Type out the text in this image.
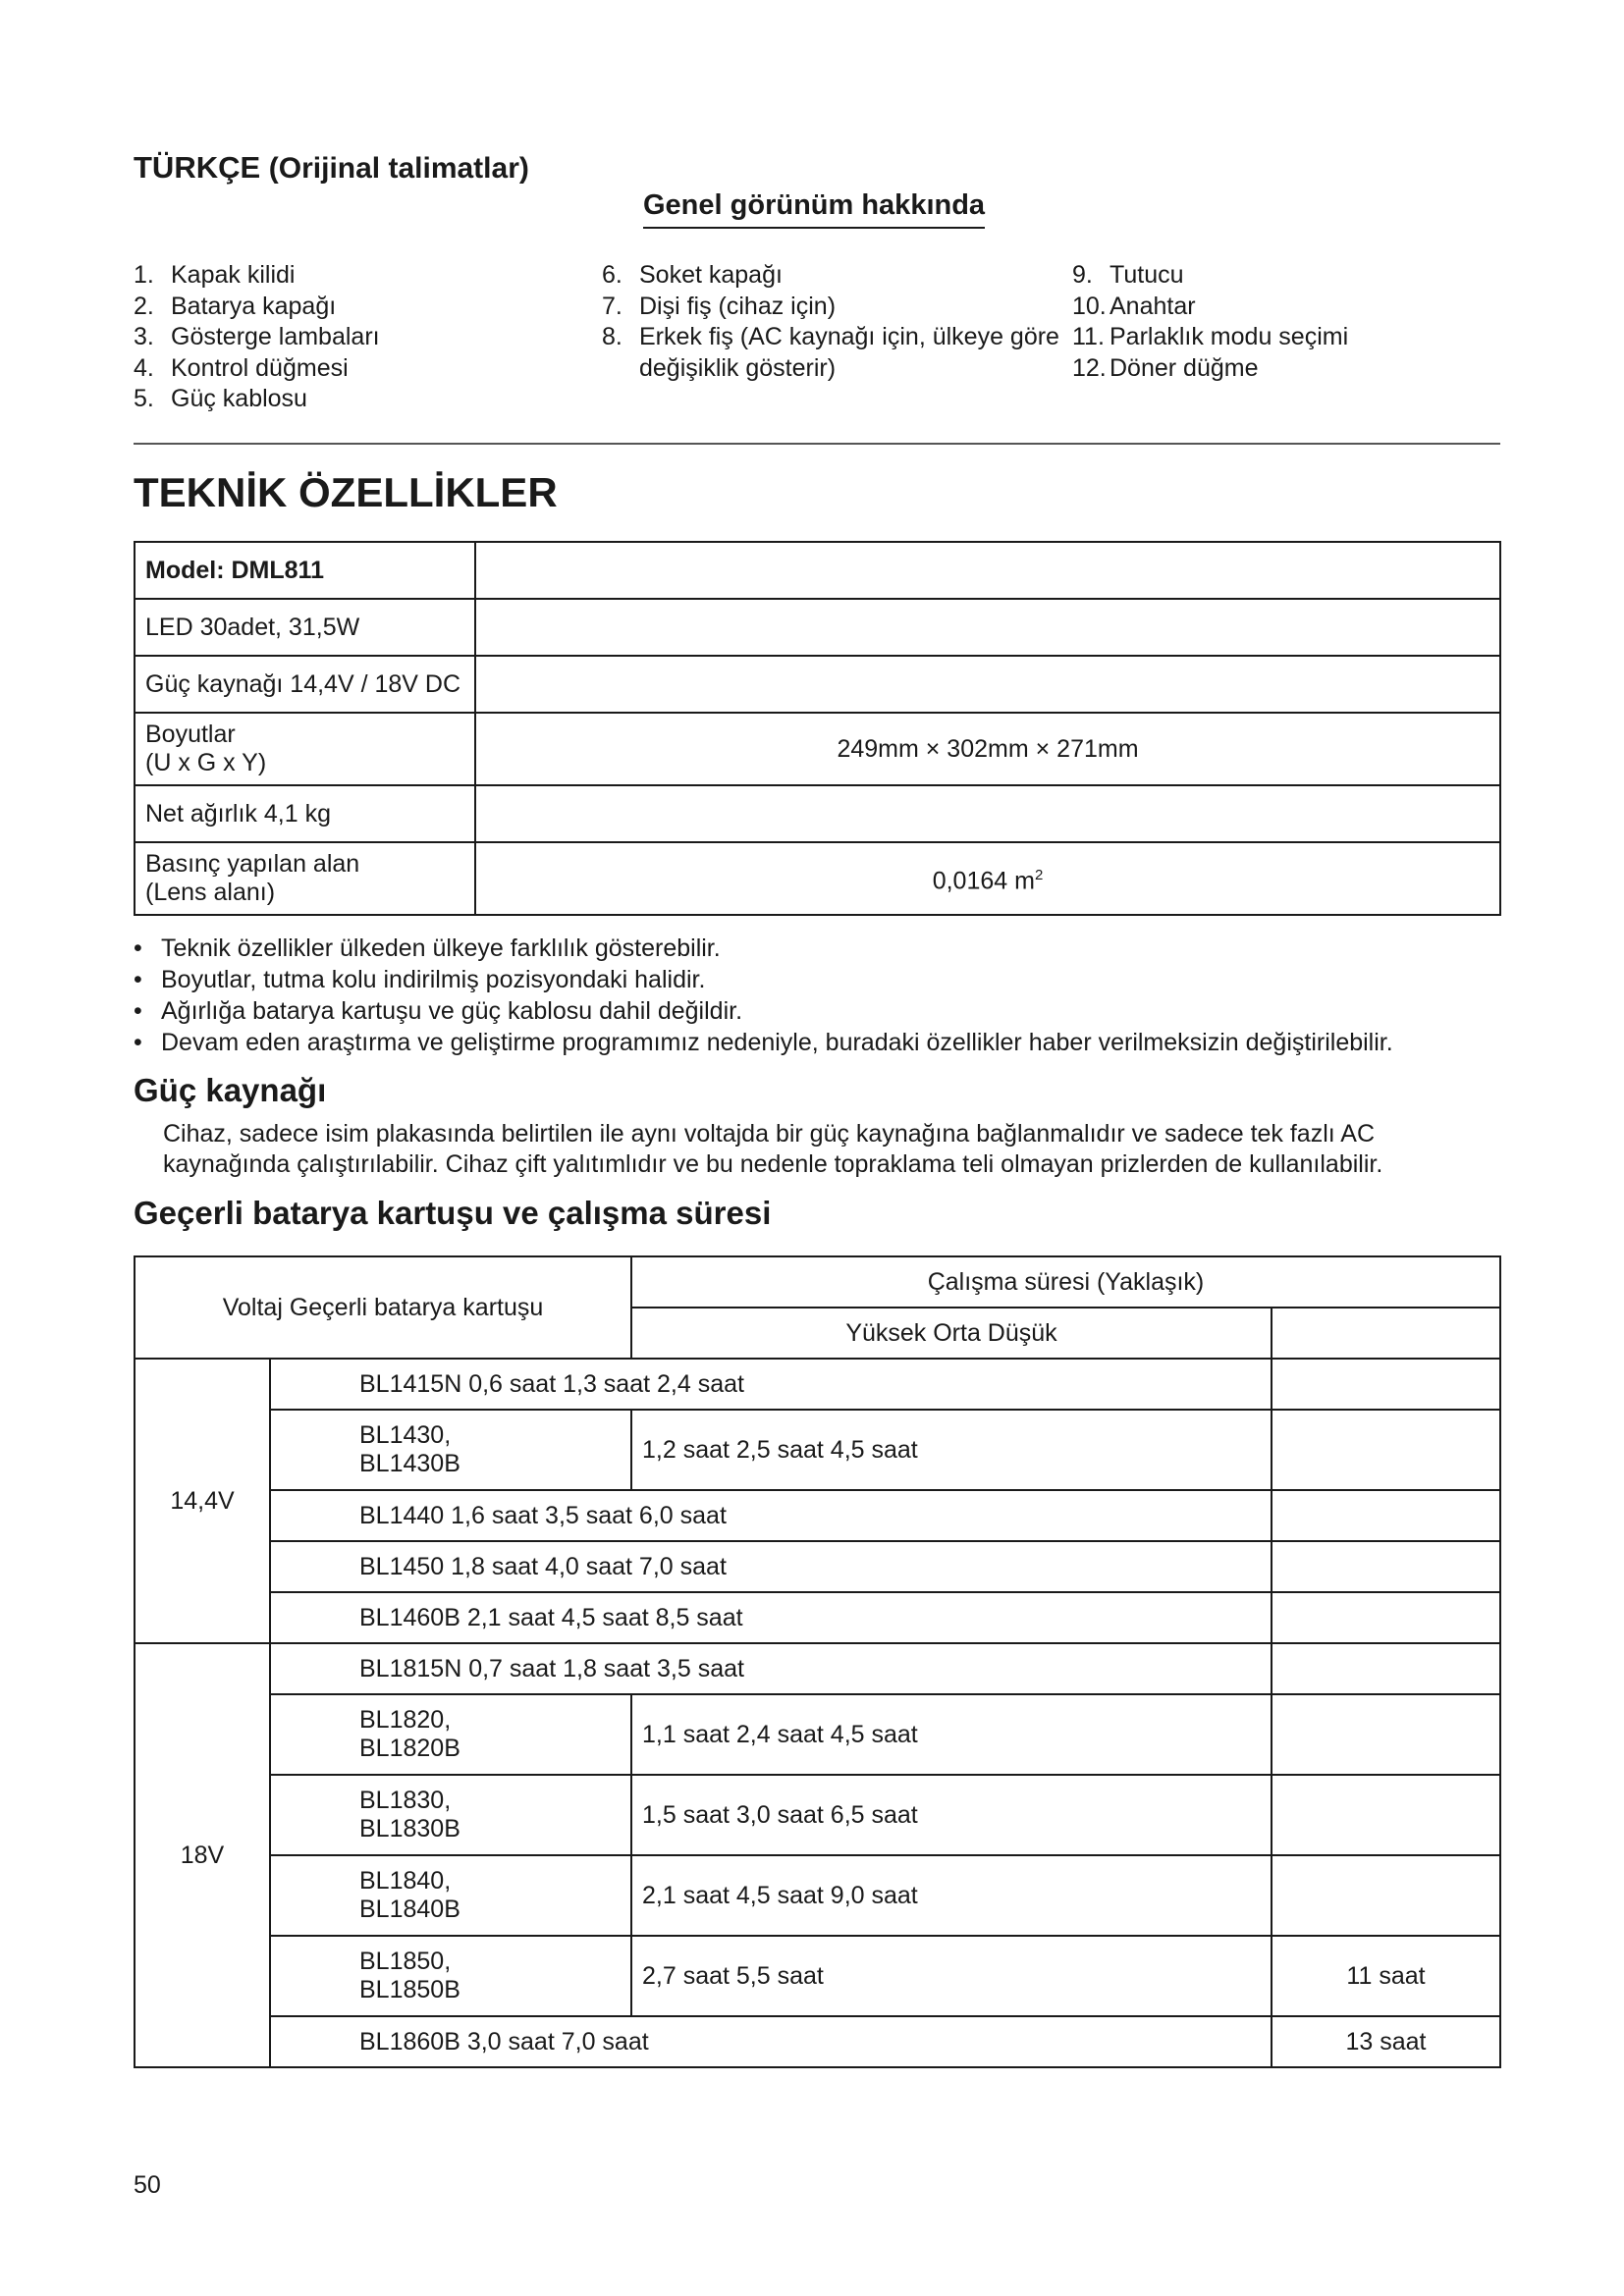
TÜRKÇE (Orijinal talimatlar)
Genel görünüm hakkında
1. Kapak kilidi
2. Batarya kapağı
3. Gösterge lambaları
4. Kontrol düğmesi
5. Güç kablosu
6. Soket kapağı
7. Dişi fiş (cihaz için)
8. Erkek fiş (AC kaynağı için, ülkeye göre değişiklik gösterir)
9. Tutucu
10. Anahtar
11. Parlaklık modu seçimi
12. Döner düğme
TEKNİK ÖZELLİKLER
Model: DML811	
LED 30adet, 31,5W	
Güç kaynağı 14,4V / 18V DC	

Boyutlar
(U x G x Y)	249mm × 302mm × 271mm
Net ağırlık 4,1 kg	

Basınç yapılan alan
(Lens alanı)	0,0164 $m^2$
• Teknik özellikler ülkeden ülkeye farklılık gösterebilir.
• Boyutlar, tutma kolu indirilmiş pozisyondaki halidir.
• Ağırlığa batarya kartuşu ve güç kablosu dahil değildir.
• Devam eden araştırma ve geliştirme programımız nedeniyle, buradaki özellikler haber verilmeksizin değiştirilebilir.
Güç kaynağı
Cihaz, sadece isim plakasında belirtilen ile aynı voltajda bir güç kaynağına bağlanmalıdır ve sadece tek fazlı AC kaynağında çalıştırılabilir. Cihaz çift yalıtımlıdır ve bu nedenle topraklama teli olmayan prizlerden de kullanılabilir.
Geçerli batarya kartuşu ve çalışma süresi
Voltaj Geçerli batarya kartuşu		Çalışma süresi (Yaklaşık)	
		Yüksek Orta Düşük	
14,4V	BL1415N 0,6 saat 1,3 saat 2,4 saat		

	BL1430,
BL1430B	1,2 saat 2,5 saat 4,5 saat	
	BL1440 1,6 saat 3,5 saat 6,0 saat		
	BL1450 1,8 saat 4,0 saat 7,0 saat		
	BL1460B 2,1 saat 4,5 saat 8,5 saat		
18V	BL1815N 0,7 saat 1,8 saat 3,5 saat		

	BL1820,
BL1820B	1,1 saat 2,4 saat 4,5 saat	

	BL1830,
BL1830B	1,5 saat 3,0 saat 6,5 saat	

	BL1840,
BL1840B	2,1 saat 4,5 saat 9,0 saat	

	BL1850,
BL1850B	2,7 saat 5,5 saat	11 saat
	BL1860B 3,0 saat 7,0 saat		13 saat
50
